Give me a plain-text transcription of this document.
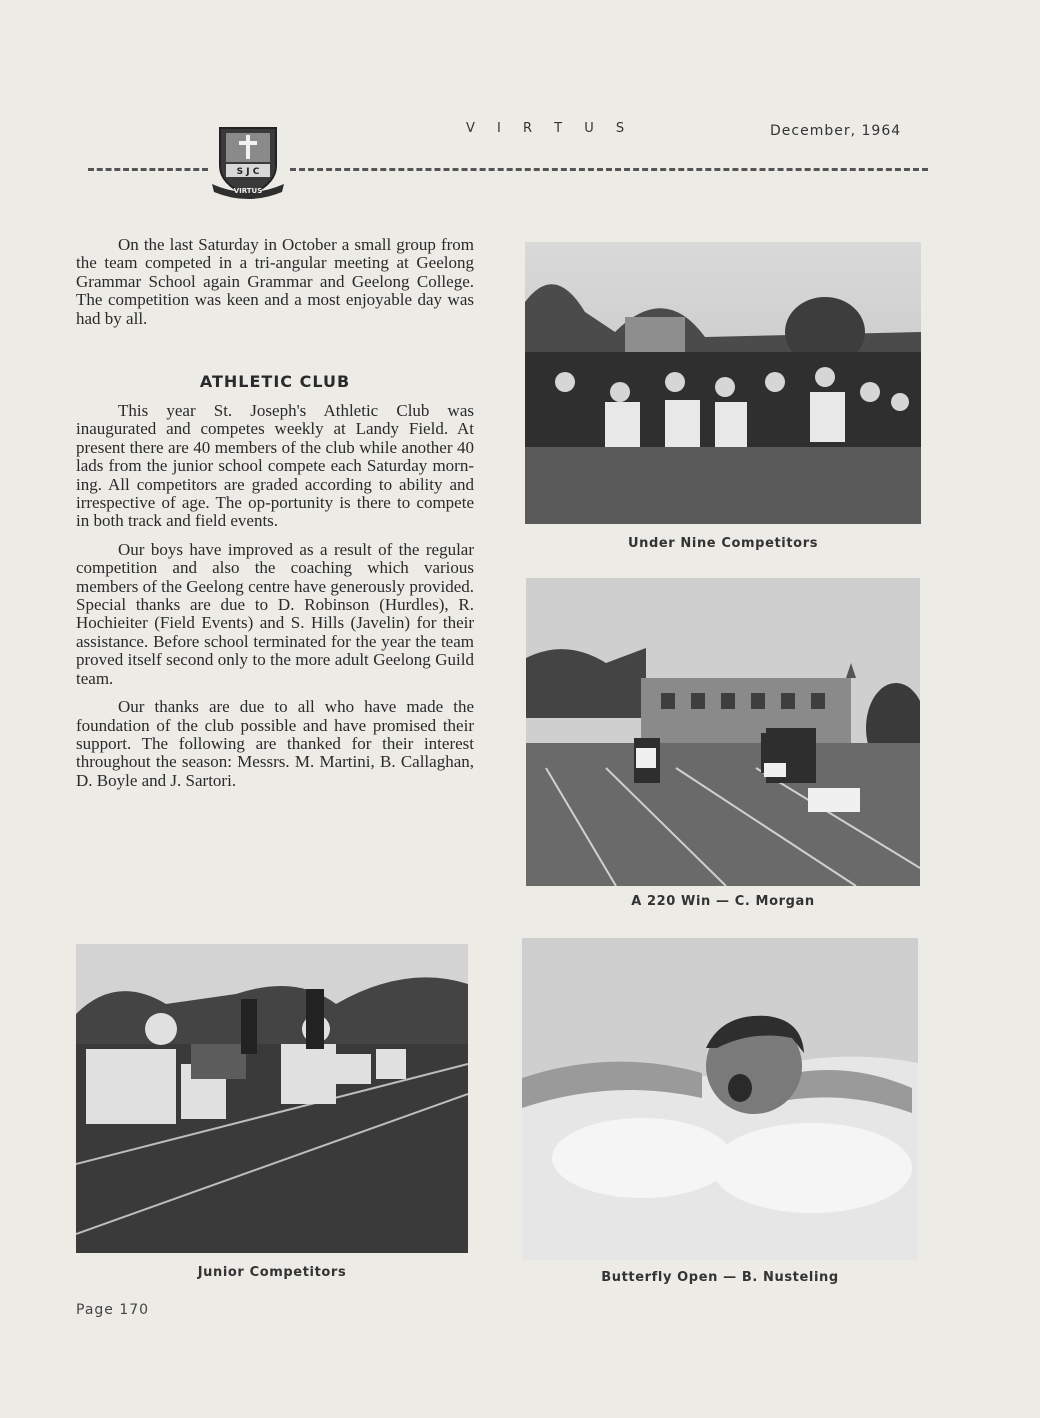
S J C
VIRTUS
V I R T U S	December, 1964

On the last Saturday in October a small group from the team competed in a tri-angular meeting at Geelong Grammar School again Grammar and Geelong College. The competition was keen and a most enjoyable day was had by all.

ATHLETIC CLUB

This year St. Joseph's Athletic Club was inaugurated and competes weekly at Landy Field. At present there are 40 members of the club while another 40 lads from the junior school compete each Saturday morn-ing. All competitors are graded according to ability and irrespective of age. The op-portunity is there to compete in both track and field events.

Our boys have improved as a result of the regular competition and also the coaching which various members of the Geelong centre have generously provided. Special thanks are due to D. Robinson (Hurdles), R. Hochieiter (Field Events) and S. Hills (Javelin) for their assistance. Before school terminated for the year the team proved itself second only to the more adult Geelong Guild team.

Our thanks are due to all who have made the foundation of the club possible and have promised their support. The following are thanked for their interest throughout the season: Messrs. M. Martini, B. Callaghan, D. Boyle and J. Sartori.

Under Nine Competitors
A 220 Win — C. Morgan
Junior Competitors	Butterfly Open — B. Nusteling
Page 170
